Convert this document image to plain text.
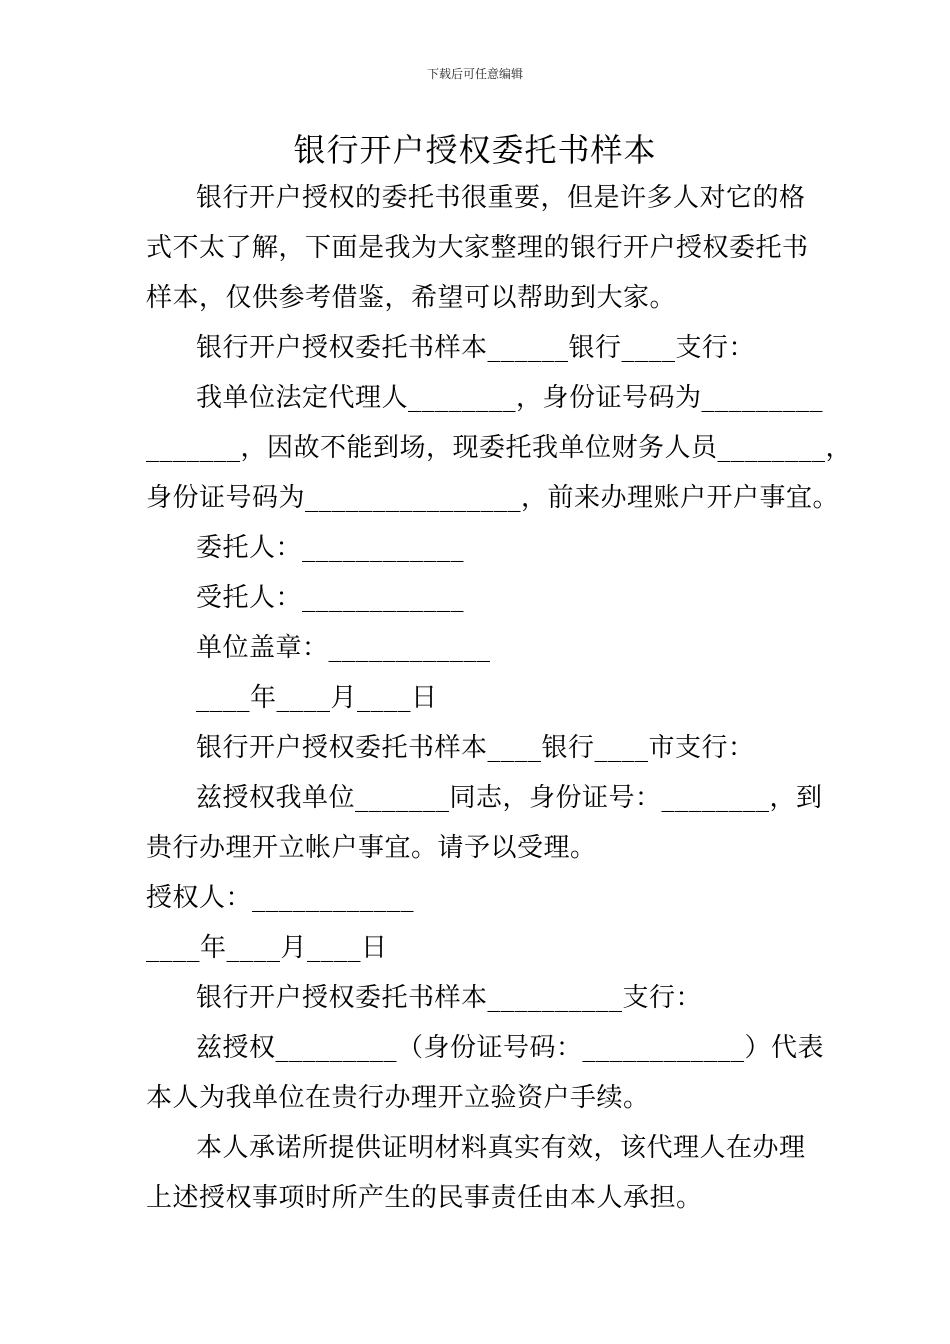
下载后可任意编辑
银行开户授权委托书样本
银行开户授权的委托书很重要，但是许多人对它的格
式不太了解，下面是我为大家整理的银行开户授权委托书
样本，仅供参考借鉴，希望可以帮助到大家。
银行开户授权委托书样本______银行____支行：
我单位法定代理人________，身份证号码为_________
_______，因故不能到场，现委托我单位财务人员________，
身份证号码为________________，前来办理账户开户事宜。
委托人：____________
受托人：____________
单位盖章：____________
____年____月____日
银行开户授权委托书样本____银行____市支行：
兹授权我单位_______同志，身份证号：________，到
贵行办理开立帐户事宜。请予以受理。
授权人：____________
____年____月____日
银行开户授权委托书样本__________支行：
兹授权_________（身份证号码：____________）代表
本人为我单位在贵行办理开立验资户手续。
本人承诺所提供证明材料真实有效，该代理人在办理
上述授权事项时所产生的民事责任由本人承担。
